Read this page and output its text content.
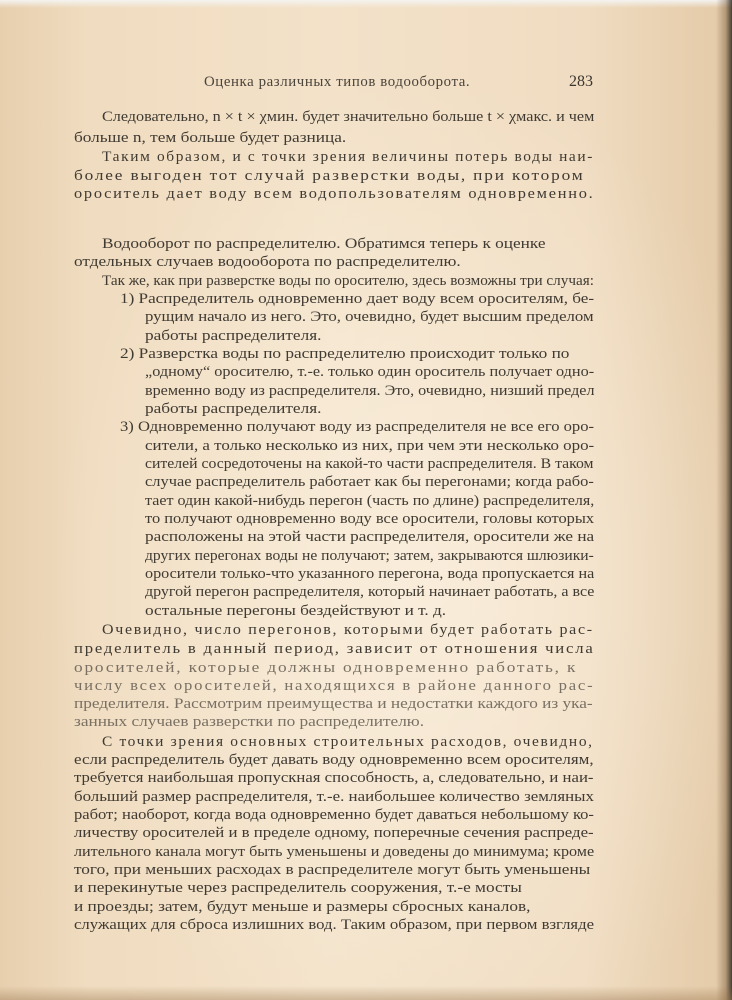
Оценка различных типов водооборота.	283
Следовательно, n × t × χмин. будет значительно больше t × χмакс. и чем
больше n, тем больше будет разница.
Таким образом, и с точки зрения величины потерь воды наи-
более выгоден тот случай разверстки воды, при котором
ороситель дает воду всем водопользователям одновременно.
Водооборот по распределителю. Обратимся теперь к оценке
отдельных случаев водооборота по распределителю.
Так же, как при разверстке воды по оросителю, здесь возможны три случая:
1) Распределитель одновременно дает воду всем оросителям, бе-
рущим начало из него. Это, очевидно, будет высшим пределом
работы распределителя.
2) Разверстка воды по распределителю происходит только по
„одному“ оросителю, т.-е. только один ороситель получает одно-
временно воду из распределителя. Это, очевидно, низший предел
работы распределителя.
3) Одновременно получают воду из распределителя не все его оро-
сители, а только несколько из них, при чем эти несколько оро-
сителей сосредоточены на какой-то части распределителя. В таком
случае распределитель работает как бы перегонами; когда рабо-
тает один какой-нибудь перегон (часть по длине) распределителя,
то получают одновременно воду все оросители, головы которых
расположены на этой части распределителя, оросители же на
других перегонах воды не получают; затем, закрываются шлюзики-
оросители только-что указанного перегона, вода пропускается на
другой перегон распределителя, который начинает работать, а все
остальные перегоны бездействуют и т. д.
Очевидно, число перегонов, которыми будет работать рас-
пределитель в данный период, зависит от отношения числа
оросителей, которые должны одновременно работать, к
числу всех оросителей, находящихся в районе данного рас-
пределителя. Рассмотрим преимущества и недостатки каждого из ука-
занных случаев разверстки по распределителю.
С точки зрения основных строительных расходов, очевидно,
если распределитель будет давать воду одновременно всем оросителям,
требуется наибольшая пропускная способность, а, следовательно, и наи-
больший размер распределителя, т.-е. наибольшее количество земляных
работ; наоборот, когда вода одновременно будет даваться небольшому ко-
личеству оросителей и в пределе одному, поперечные сечения распреде-
лительного канала могут быть уменьшены и доведены до минимума; кроме
того, при меньших расходах в распределителе могут быть уменьшены
и перекинутые через распределитель сооружения, т.-е мосты
и проезды; затем, будут меньше и размеры сбросных каналов,
служащих для сброса излишних вод. Таким образом, при первом взгляде
